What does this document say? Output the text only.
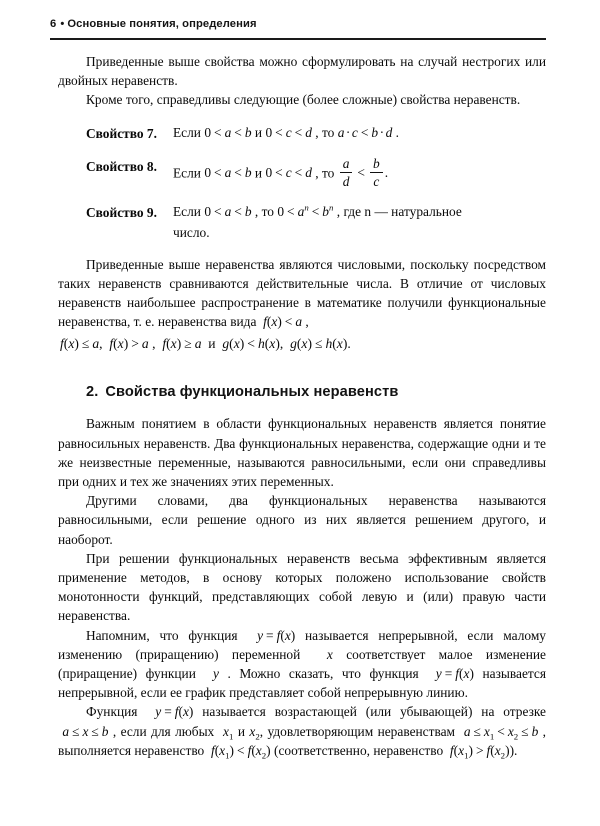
6 • Основные понятия, определения

Приведенные выше свойства можно сформулировать на случай нестрогих или двойных неравенств.

Кроме того, справедливы следующие (более сложные) свойства неравенств.

Свойство 7. Если 0 < a < b и 0 < c < d , то a · c < b · d .
Свойство 8. Если 0 < a < b и 0 < c < d , то $\frac{a}{d} < \frac{b}{c}$ .
Свойство 9. Если 0 < a < b , то $0 < a^n < b^n$ , где n — натуральное
число.

Приведенные выше неравенства являются числовыми, поскольку посредством таких неравенств сравниваются действительные числа. В отличие от числовых неравенств наибольшее распространение в математике получили функциональные неравенства, т. е. неравенства вида f(x) < a ,

f(x) ≤ a, f(x) > a , f(x) ≥ a  и  g(x) < h(x), g(x) ≤ h(x).
2. Свойства функциональных неравенств

Важным понятием в области функциональных неравенств является понятие равносильных неравенств. Два функциональных неравенства, содержащие одни и те же неизвестные переменные, называются равносильными, если они справедливы при одних и тех же значениях этих переменных.

Другими словами, два функциональных неравенства называются равносильными, если решение одного из них является решением другого, и наоборот.

При решении функциональных неравенств весьма эффективным является применение методов, в основу которых положено использование свойств монотонности функций, представляющих собой левую и (или) правую части неравенства.

Напомним, что функция y = f(x) называется непрерывной, если малому изменению (приращению) переменной  x соответствует малое изменение (приращение) функции  y . Можно сказать, что функция y = f(x) называется непрерывной, если ее график представляет собой непрерывную линию.

Функция y = f(x) называется возрастающей (или убывающей) на отрезке  a ≤ x ≤ b , если для любых $x_1$ и $x_2$, удовлетворяющим неравенствам $a \le x_1 < x_2 \le b$ , выполняется неравенство $f(x_1) < f(x_2)$ (соответственно, неравенство $f(x_1) > f(x_2)$).
